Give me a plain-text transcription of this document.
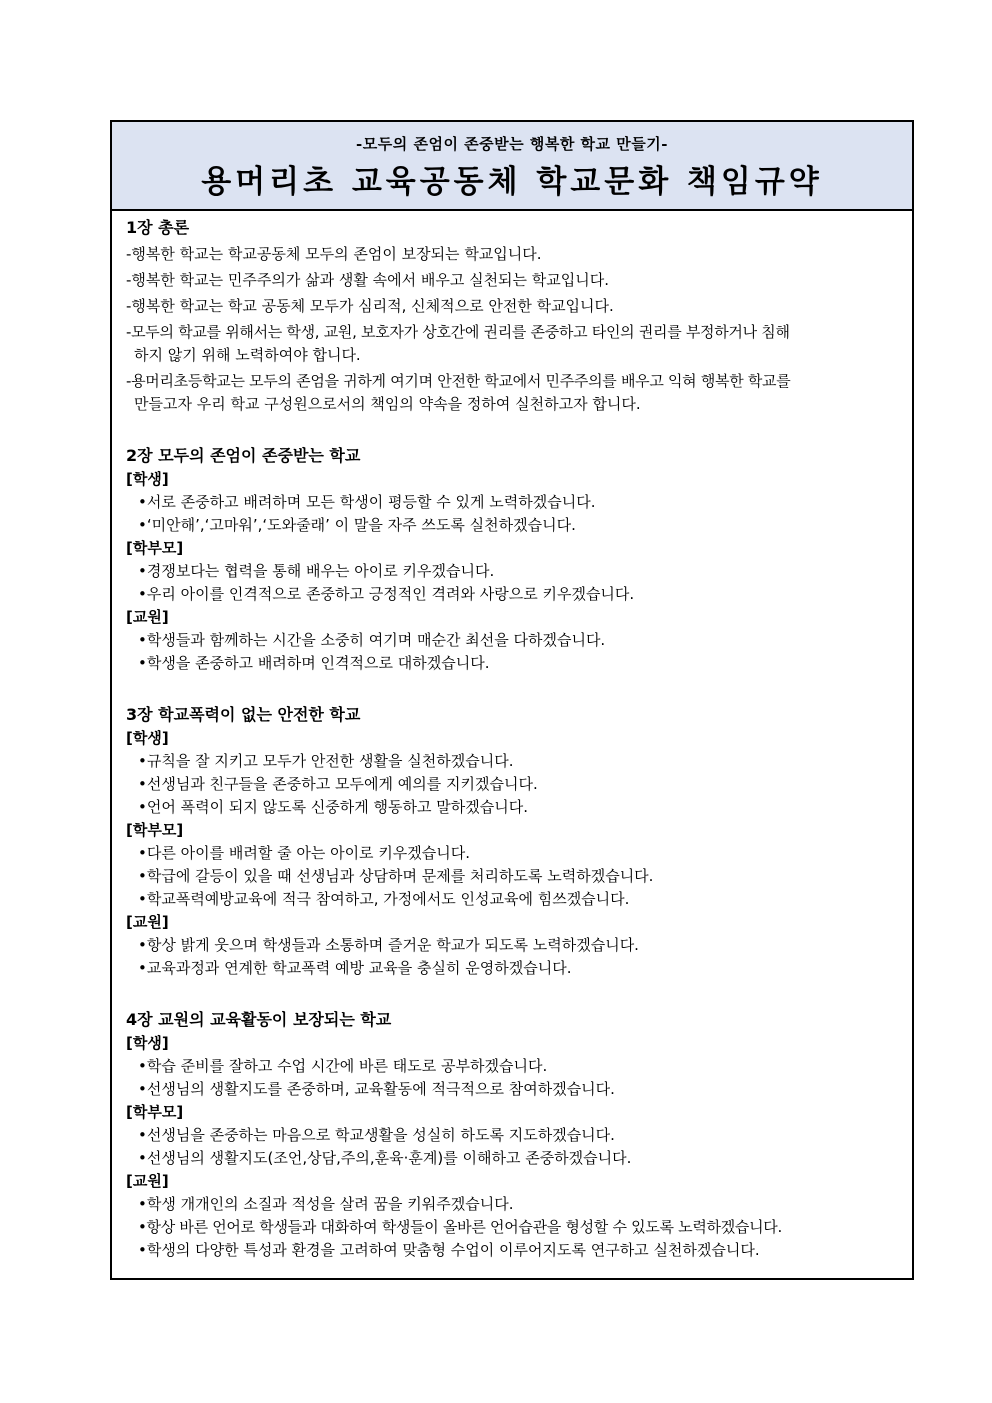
-모두의 존엄이 존중받는 행복한 학교 만들기-
용머리초 교육공동체 학교문화 책임규약
1장 총론
-행복한 학교는 학교공동체 모두의 존엄이 보장되는 학교입니다.
-행복한 학교는 민주주의가 삶과 생활 속에서 배우고 실천되는 학교입니다.
-행복한 학교는 학교 공동체 모두가 심리적, 신체적으로 안전한 학교입니다.
-모두의 학교를 위해서는 학생, 교원, 보호자가 상호간에 권리를 존중하고 타인의 권리를 부정하거나 침해
하지 않기 위해 노력하여야 합니다.
-용머리초등학교는 모두의 존엄을 귀하게 여기며 안전한 학교에서 민주주의를 배우고 익혀 행복한 학교를
만들고자 우리 학교 구성원으로서의 책임의 약속을 정하여 실천하고자 합니다.
2장 모두의 존엄이 존중받는 학교
[학생]
•서로 존중하고 배려하며 모든 학생이 평등할 수 있게 노력하겠습니다.
•‘미안해’,‘고마워’,‘도와줄래’ 이 말을 자주 쓰도록 실천하겠습니다.
[학부모]
•경쟁보다는 협력을 통해 배우는 아이로 키우겠습니다.
•우리 아이를 인격적으로 존중하고 긍정적인 격려와 사랑으로 키우겠습니다.
[교원]
•학생들과 함께하는 시간을 소중히 여기며 매순간 최선을 다하겠습니다.
•학생을 존중하고 배려하며 인격적으로 대하겠습니다.
3장 학교폭력이 없는 안전한 학교
[학생]
•규칙을 잘 지키고 모두가 안전한 생활을 실천하겠습니다.
•선생님과 친구들을 존중하고 모두에게 예의를 지키겠습니다.
•언어 폭력이 되지 않도록 신중하게 행동하고 말하겠습니다.
[학부모]
•다른 아이를 배려할 줄 아는 아이로 키우겠습니다.
•학급에 갈등이 있을 때 선생님과 상담하며 문제를 처리하도록 노력하겠습니다.
•학교폭력예방교육에 적극 참여하고, 가정에서도 인성교육에 힘쓰겠습니다.
[교원]
•항상 밝게 웃으며 학생들과 소통하며 즐거운 학교가 되도록 노력하겠습니다.
•교육과정과 연계한 학교폭력 예방 교육을 충실히 운영하겠습니다.
4장 교원의 교육활동이 보장되는 학교
[학생]
•학습 준비를 잘하고 수업 시간에 바른 태도로 공부하겠습니다.
•선생님의 생활지도를 존중하며, 교육활동에 적극적으로 참여하겠습니다.
[학부모]
•선생님을 존중하는 마음으로 학교생활을 성실히 하도록 지도하겠습니다.
•선생님의 생활지도(조언,상담,주의,훈육·훈계)를 이해하고 존중하겠습니다.
[교원]
•학생 개개인의 소질과 적성을 살려 꿈을 키워주겠습니다.
•항상 바른 언어로 학생들과 대화하여 학생들이 올바른 언어습관을 형성할 수 있도록 노력하겠습니다.
•학생의 다양한 특성과 환경을 고려하여 맞춤형 수업이 이루어지도록 연구하고 실천하겠습니다.
